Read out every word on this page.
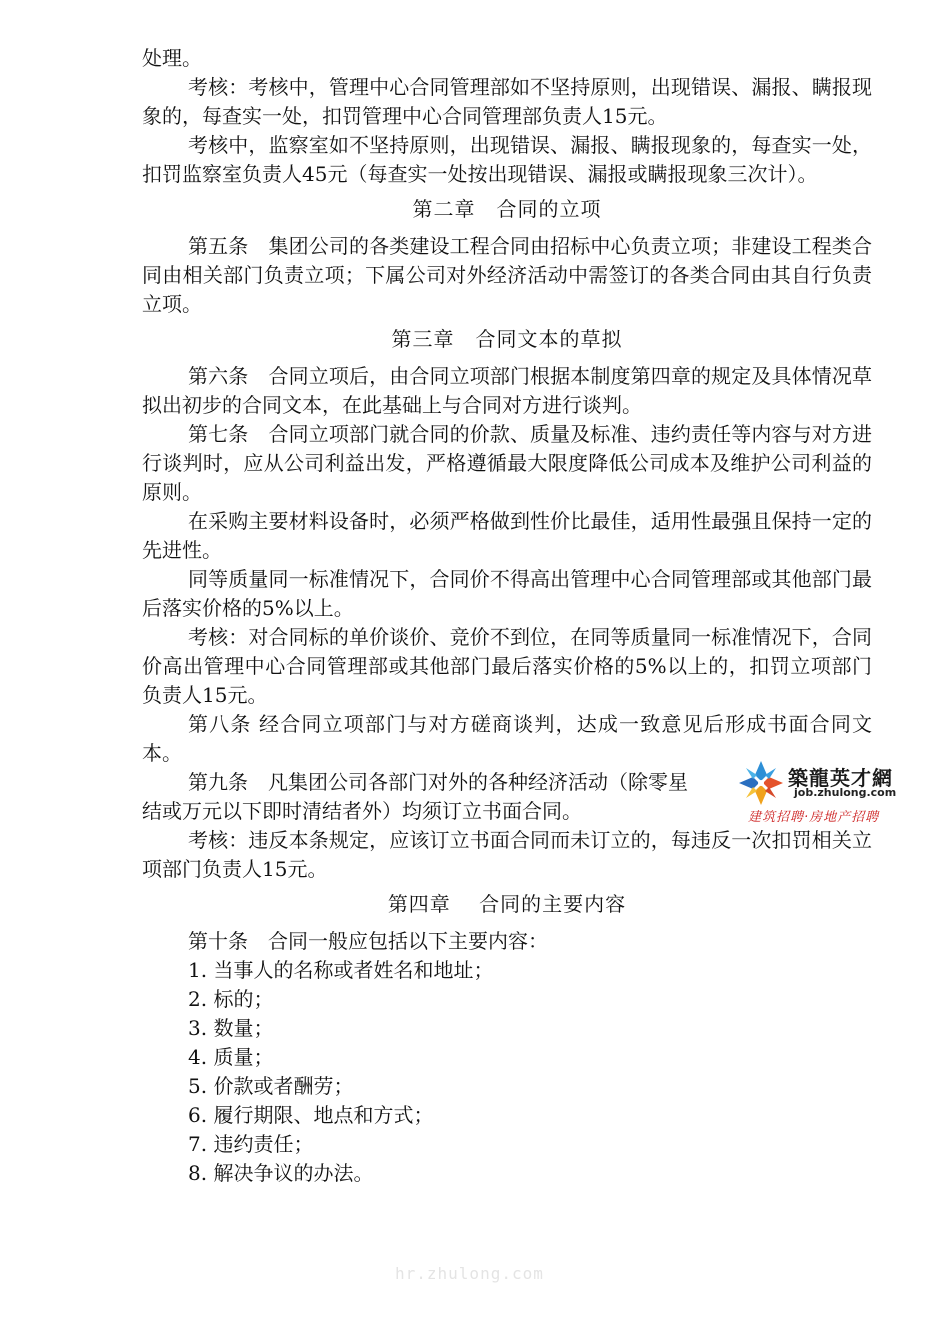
处理。

考核：考核中，管理中心合同管理部如不坚持原则，出现错误、漏报、瞒报现象的，每查实一处，扣罚管理中心合同管理部负责人15元。

考核中，监察室如不坚持原则，出现错误、漏报、瞒报现象的，每查实一处，扣罚监察室负责人45元（每查实一处按出现错误、漏报或瞒报现象三次计）。

第二章　合同的立项

第五条　集团公司的各类建设工程合同由招标中心负责立项；非建设工程类合同由相关部门负责立项；下属公司对外经济活动中需签订的各类合同由其自行负责立项。

第三章　合同文本的草拟

第六条　合同立项后，由合同立项部门根据本制度第四章的规定及具体情况草拟出初步的合同文本，在此基础上与合同对方进行谈判。

第七条　合同立项部门就合同的价款、质量及标准、违约责任等内容与对方进行谈判时，应从公司利益出发，严格遵循最大限度降低公司成本及维护公司利益的原则。

在采购主要材料设备时，必须严格做到性价比最佳，适用性最强且保持一定的先进性。

同等质量同一标准情况下，合同价不得高出管理中心合同管理部或其他部门最后落实价格的5%以上。

考核：对合同标的单价谈价、竞价不到位，在同等质量同一标准情况下，合同价高出管理中心合同管理部或其他部门最后落实价格的5%以上的，扣罚立项部门负责人15元。

第八条 经合同立项部门与对方磋商谈判，达成一致意见后形成书面合同文本。

第九条　凡集团公司各部门对外的各种经济活动（除零星

结或万元以下即时清结者外）均须订立书面合同。

考核：违反本条规定，应该订立书面合同而未订立的，每违反一次扣罚相关立项部门负责人15元。

第四章　 合同的主要内容

第十条　合同一般应包括以下主要内容：

1. 当事人的名称或者姓名和地址；

2. 标的；

3. 数量；

4. 质量；

5. 价款或者酬劳；

6. 履行期限、地点和方式；

7. 违约责任；

8. 解决争议的办法。

築龍英才網
job.zhulong.com
建筑招聘·房地产招聘
hr.zhulong.com
